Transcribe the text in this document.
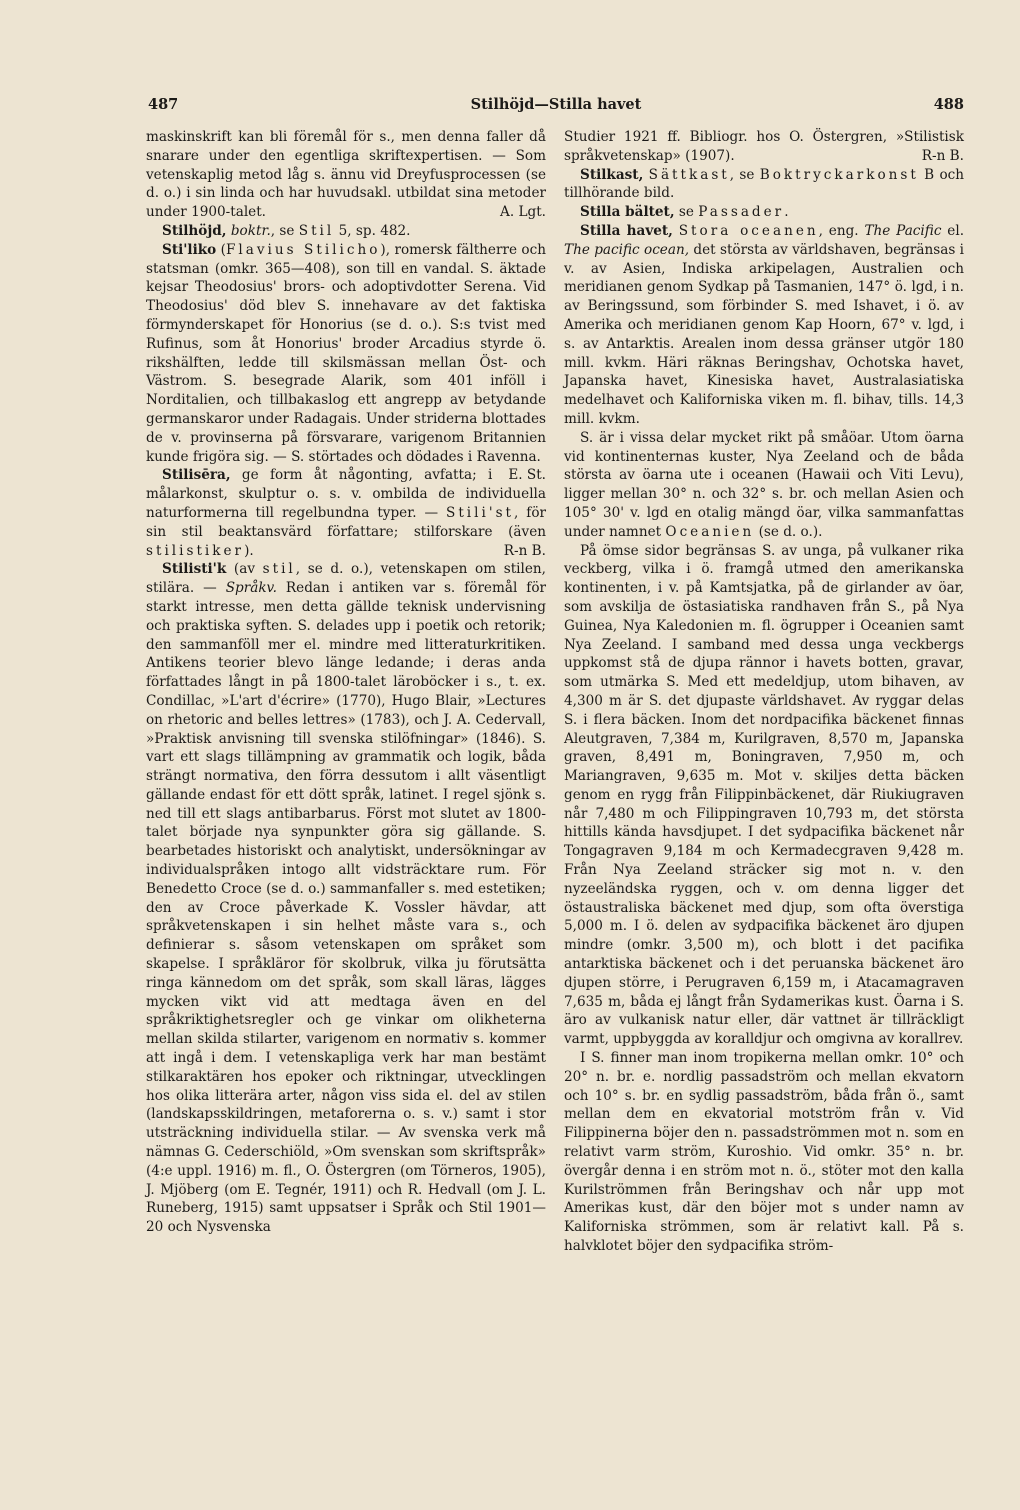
487	Stilhöjd—Stilla havet	488

maskinskrift kan bli föremål för s., men denna faller då snarare under den egentliga skriftexpertisen. — Som vetenskaplig metod låg s. ännu vid Dreyfusprocessen (se d. o.) i sin linda och har huvudsakl. utbildat sina metoder under 1900-talet.	A. Lgt.

Stilhöjd, boktr., se Stil 5, sp. 482.

Sti'liko (Flavius Stilicho), romersk fältherre och statsman (omkr. 365—408), son till en vandal. S. äktade kejsar Theodosius' brors- och adoptivdotter Serena. Vid Theodosius' död blev S. innehavare av det faktiska förmynderskapet för Honorius (se d. o.). S:s tvist med Rufinus, som åt Honorius' broder Arcadius styrde ö. rikshälften, ledde till skilsmässan mellan Öst- och Västrom. S. besegrade Alarik, som 401 inföll i Norditalien, och tillbakaslog ett angrepp av betydande germanskaror under Radagais. Under striderna blottades de v. provinserna på försvarare, varigenom Britannien kunde frigöra sig. — S. störtades och dödades i Ravenna.
E. St.

Stilisēra, ge form åt någonting, avfatta; i målarkonst, skulptur o. s. v. ombilda de individuella naturformerna till regelbundna typer. — Stili'st, för sin stil beaktansvärd författare; stilforskare (även stilistiker).	R-n B.

Stilisti'k (av stil, se d. o.), vetenskapen om stilen, stilära. — Språkv. Redan i antiken var s. föremål för starkt intresse, men detta gällde teknisk undervisning och praktiska syften. S. delades upp i poetik och retorik; den sammanföll mer el. mindre med litteraturkritiken. Antikens teorier blevo länge ledande; i deras anda författades långt in på 1800-talet läroböcker i s., t. ex. Condillac, »L'art d'écrire» (1770), Hugo Blair, »Lectures on rhetoric and belles lettres» (1783), och J. A. Cedervall, »Praktisk anvisning till svenska stilöfningar» (1846). S. vart ett slags tillämpning av grammatik och logik, båda strängt normativa, den förra dessutom i allt väsentligt gällande endast för ett dött språk, latinet. I regel sjönk s. ned till ett slags antibarbarus. Först mot slutet av 1800-talet började nya synpunkter göra sig gällande. S. bearbetades historiskt och analytiskt, undersökningar av individualspråken intogo allt vidsträcktare rum. För Benedetto Croce (se d. o.) sammanfaller s. med estetiken; den av Croce påverkade K. Vossler hävdar, att språkvetenskapen i sin helhet måste vara s., och definierar s. såsom vetenskapen om språket som skapelse. I språkläror för skolbruk, vilka ju förutsätta ringa kännedom om det språk, som skall läras, lägges mycken vikt vid att medtaga även en del språkriktighetsregler och ge vinkar om olikheterna mellan skilda stilarter, varigenom en normativ s. kommer att ingå i dem. I vetenskapliga verk har man bestämt stilkaraktären hos epoker och riktningar, utvecklingen hos olika litterära arter, någon viss sida el. del av stilen (landskapsskildringen, metaforerna o. s. v.) samt i stor utsträckning individuella stilar. — Av svenska verk må nämnas G. Cederschiöld, »Om svenskan som skriftspråk» (4:e uppl. 1916) m. fl., O. Östergren (om Törneros, 1905), J. Mjöberg (om E. Tegnér, 1911) och R. Hedvall (om J. L. Runeberg, 1915) samt uppsatser i Språk och Stil 1901—20 och Nysvenska

Studier 1921 ff. Bibliogr. hos O. Östergren, »Stilistisk språkvetenskap» (1907).	R-n B.

Stilkast, Sättkast, se Boktryckarkonst B och tillhörande bild.

Stilla bältet, se Passader.

Stilla havet, Stora oceanen, eng. The Pacific el. The pacific ocean, det största av världshaven, begränsas i v. av Asien, Indiska arkipelagen, Australien och meridianen genom Sydkap på Tasmanien, 147° ö. lgd, i n. av Beringssund, som förbinder S. med Ishavet, i ö. av Amerika och meridianen genom Kap Hoorn, 67° v. lgd, i s. av Antarktis. Arealen inom dessa gränser utgör 180 mill. kvkm. Häri räknas Beringshav, Ochotska havet, Japanska havet, Kinesiska havet, Australasiatiska medelhavet och Kaliforniska viken m. fl. bihav, tills. 14,3 mill. kvkm.

S. är i vissa delar mycket rikt på småöar. Utom öarna vid kontinenternas kuster, Nya Zeeland och de båda största av öarna ute i oceanen (Hawaii och Viti Levu), ligger mellan 30° n. och 32° s. br. och mellan Asien och 105° 30' v. lgd en otalig mängd öar, vilka sammanfattas under namnet Oceanien (se d. o.).

På ömse sidor begränsas S. av unga, på vulkaner rika veckberg, vilka i ö. framgå utmed den amerikanska kontinenten, i v. på Kamtsjatka, på de girlander av öar, som avskilja de östasiatiska randhaven från S., på Nya Guinea, Nya Kaledonien m. fl. ögrupper i Oceanien samt Nya Zeeland. I samband med dessa unga veckbergs uppkomst stå de djupa rännor i havets botten, gravar, som utmärka S. Med ett medeldjup, utom bihaven, av 4,300 m är S. det djupaste världshavet. Av ryggar delas S. i flera bäcken. Inom det nordpacifika bäckenet finnas Aleutgraven, 7,384 m, Kurilgraven, 8,570 m, Japanska graven, 8,491 m, Boningraven, 7,950 m, och Mariangraven, 9,635 m. Mot v. skiljes detta bäcken genom en rygg från Filippinbäckenet, där Riukiugraven når 7,480 m och Filippingraven 10,793 m, det största hittills kända havsdjupet. I det sydpacifika bäckenet når Tongagraven 9,184 m och Kermadecgraven 9,428 m. Från Nya Zeeland sträcker sig mot n. v. den nyzeeländska ryggen, och v. om denna ligger det östaustraliska bäckenet med djup, som ofta överstiga 5,000 m. I ö. delen av sydpacifika bäckenet äro djupen mindre (omkr. 3,500 m), och blott i det pacifika antarktiska bäckenet och i det peruanska bäckenet äro djupen större, i Perugraven 6,159 m, i Atacamagraven 7,635 m, båda ej långt från Sydamerikas kust. Öarna i S. äro av vulkanisk natur eller, där vattnet är tillräckligt varmt, uppbyggda av koralldjur och omgivna av korallrev.

I S. finner man inom tropikerna mellan omkr. 10° och 20° n. br. e. nordlig passadström och mellan ekvatorn och 10° s. br. en sydlig passadström, båda från ö., samt mellan dem en ekvatorial motström från v. Vid Filippinerna böjer den n. passadströmmen mot n. som en relativt varm ström, Kuroshio. Vid omkr. 35° n. br. övergår denna i en ström mot n. ö., stöter mot den kalla Kurilströmmen från Beringshav och når upp mot Amerikas kust, där den böjer mot s under namn av Kaliforniska strömmen, som är relativt kall. På s. halvklotet böjer den sydpacifika ström-
